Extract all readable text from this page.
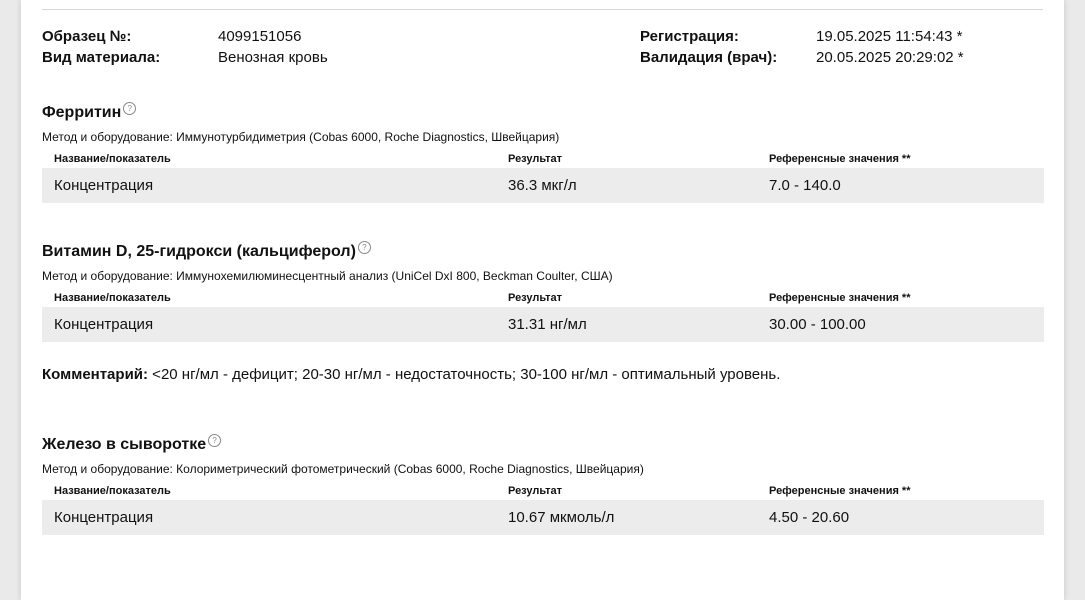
Образец №:	4099151056
Вид материала:	Венозная кровь
Регистрация:	19.05.2025 11:54:43 *
Валидация (врач):	20.05.2025 20:29:02 *
Ферритин ?
Метод и оборудование: Иммунотурбидиметрия (Cobas 6000, Roche Diagnostics, Швейцария)
Название/показатель	Результат	Референсные значения **
Концентрация	36.3 мкг/л	7.0 - 140.0
Витамин D, 25-гидрокси (кальциферол) ?
Метод и оборудование: Иммунохемилюминесцентный анализ (UniCel DxI 800, Beckman Coulter, США)
Название/показатель	Результат	Референсные значения **
Концентрация	31.31 нг/мл	30.00 - 100.00
Комментарий: <20 нг/мл - дефицит; 20-30 нг/мл - недостаточность; 30-100 нг/мл - оптимальный уровень.
Железо в сыворотке ?
Метод и оборудование: Колориметрический фотометрический (Cobas 6000, Roche Diagnostics, Швейцария)
Название/показатель	Результат	Референсные значения **
Концентрация	10.67 мкмоль/л	4.50 - 20.60
